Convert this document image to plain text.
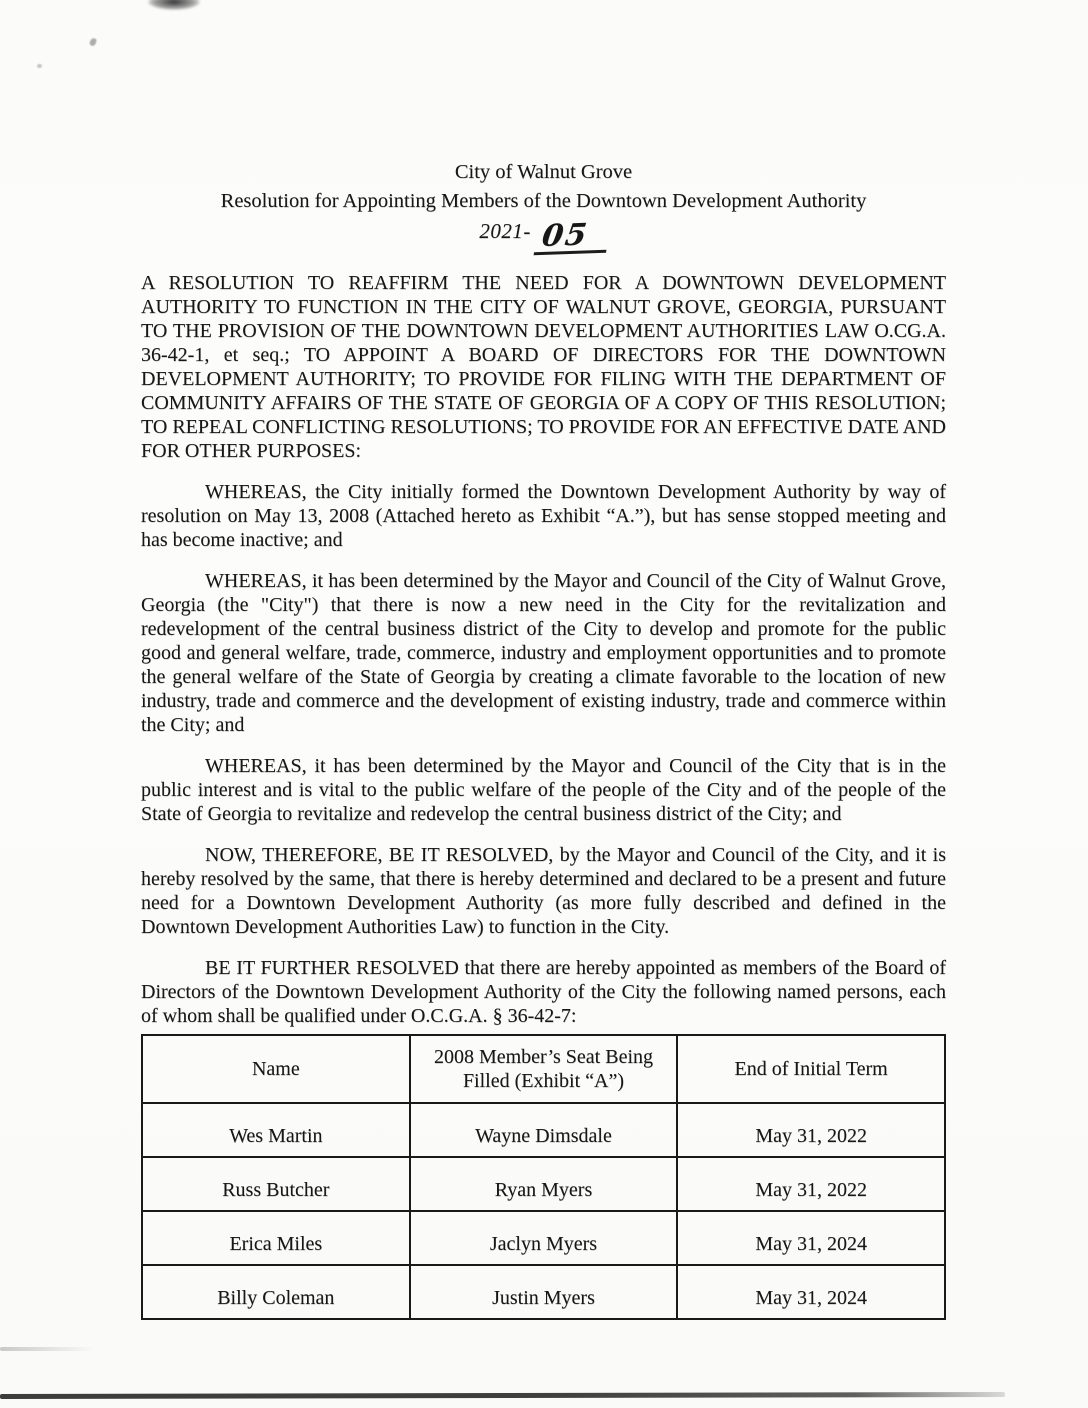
City of Walnut Grove
Resolution for Appointing Members of the Downtown Development Authority
2021- 05

A RESOLUTION TO REAFFIRM THE NEED FOR A DOWNTOWN DEVELOPMENT AUTHORITY TO FUNCTION IN THE CITY OF WALNUT GROVE, GEORGIA, PURSUANT TO THE PROVISION OF THE DOWNTOWN DEVELOPMENT AUTHORITIES LAW O.CG.A. 36-42-1, et seq.; TO APPOINT A BOARD OF DIRECTORS FOR THE DOWNTOWN DEVELOPMENT AUTHORITY; TO PROVIDE FOR FILING WITH THE DEPARTMENT OF COMMUNITY AFFAIRS OF THE STATE OF GEORGIA OF A COPY OF THIS RESOLUTION; TO REPEAL CONFLICTING RESOLUTIONS; TO PROVIDE FOR AN EFFECTIVE DATE AND FOR OTHER PURPOSES:

WHEREAS, the City initially formed the Downtown Development Authority by way of resolution on May 13, 2008 (Attached hereto as Exhibit “A.”), but has sense stopped meeting and has become inactive; and

WHEREAS, it has been determined by the Mayor and Council of the City of Walnut Grove, Georgia (the "City") that there is now a new need in the City for the revitalization and redevelopment of the central business district of the City to develop and promote for the public good and general welfare, trade, commerce, industry and employment opportunities and to promote the general welfare of the State of Georgia by creating a climate favorable to the location of new industry, trade and commerce and the development of existing industry, trade and commerce within the City; and

WHEREAS, it has been determined by the Mayor and Council of the City that is in the public interest and is vital to the public welfare of the people of the City and of the people of the State of Georgia to revitalize and redevelop the central business district of the City; and

NOW, THEREFORE, BE IT RESOLVED, by the Mayor and Council of the City, and it is hereby resolved by the same, that there is hereby determined and declared to be a present and future need for a Downtown Development Authority (as more fully described and defined in the Downtown Development Authorities Law) to function in the City.

BE IT FURTHER RESOLVED that there are hereby appointed as members of the Board of Directors of the Downtown Development Authority of the City the following named persons, each of whom shall be qualified under O.C.G.A. § 36-42-7:

Name	2008 Member’s Seat Being Filled (Exhibit “A”)	End of Initial Term
Wes Martin	Wayne Dimsdale	May 31, 2022
Russ Butcher	Ryan Myers	May 31, 2022
Erica Miles	Jaclyn Myers	May 31, 2024
Billy Coleman	Justin Myers	May 31, 2024
